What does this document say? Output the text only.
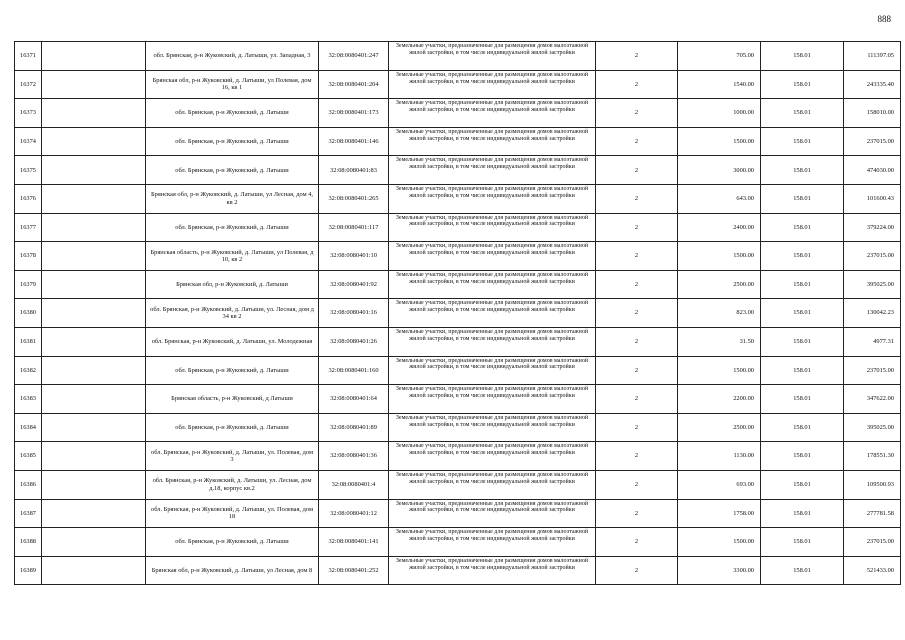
888
16371		обл. Брянская, р-н Жуковский, д. Латыши, ул. Западная, 3	32:08:0080401:247	Земельные участки, предназначенные для размещения домов малоэтажной жилой застройки, в том числе индивидуальной жилой застройки	2	705.00	158.01	111397.05
16372		Брянская обл, р-н Жуковский, д. Латыши, ул Полевая, дом 16, кв 1	32:08:0080401:204	Земельные участки, предназначенные для размещения домов малоэтажной жилой застройки, в том числе индивидуальной жилой застройки	2	1540.00	158.01	243335.40
16373		обл. Брянская, р-н Жуковский, д. Латыши	32:08:0080401:173	Земельные участки, предназначенные для размещения домов малоэтажной жилой застройки, в том числе индивидуальной жилой застройки	2	1000.00	158.01	158010.00
16374		обл. Брянская, р-н Жуковский, д. Латыши	32:08:0080401:146	Земельные участки, предназначенные для размещения домов малоэтажной жилой застройки, в том числе индивидуальной жилой застройки	2	1500.00	158.01	237015.00
16375		обл. Брянская, р-н Жуковский, д. Латыши	32:08:0080401:83	Земельные участки, предназначенные для размещения домов малоэтажной жилой застройки, в том числе индивидуальной жилой застройки	2	3000.00	158.01	474030.00
16376		Брянская обл, р-н Жуковский, д. Латыши, ул Лесная, дом 4, кв 2	32:08:0080401:265	Земельные участки, предназначенные для размещения домов малоэтажной жилой застройки, в том числе индивидуальной жилой застройки	2	643.00	158.01	101600.43
16377		обл. Брянская, р-н Жуковский, д. Латыши	32:08:0080401:117	Земельные участки, предназначенные для размещения домов малоэтажной жилой застройки, в том числе индивидуальной жилой застройки	2	2400.00	158.01	379224.00
16378		Брянская область, р-н Жуковский, д. Латыши, ул Полевая, д 10, кв 2	32:08:0080401:10	Земельные участки, предназначенные для размещения домов малоэтажной жилой застройки, в том числе индивидуальной жилой застройки	2	1500.00	158.01	237015.00
16379		Брянская обл, р-н Жуковский, д. Латыши	32:08:0080401:92	Земельные участки, предназначенные для размещения домов малоэтажной жилой застройки, в том числе индивидуальной жилой застройки	2	2500.00	158.01	395025.00
16380		обл. Брянская, р-н Жуковский, д. Латыши, ул. Лесная, дом д 34 кв 2	32:08:0080401:16	Земельные участки, предназначенные для размещения домов малоэтажной жилой застройки, в том числе индивидуальной жилой застройки	2	823.00	158.01	130042.23
16381		обл. Брянская, р-н Жуковский, д. Латыши, ул. Молодежная	32:08:0080401:26	Земельные участки, предназначенные для размещения домов малоэтажной жилой застройки, в том числе индивидуальной жилой застройки	2	31.50	158.01	4977.31
16382		обл. Брянская, р-н Жуковский, д. Латыши	32:08:0080401:160	Земельные участки, предназначенные для размещения домов малоэтажной жилой застройки, в том числе индивидуальной жилой застройки	2	1500.00	158.01	237015.00
16383		Брянская область, р-н Жуковский, д Латыши	32:08:0080401:64	Земельные участки, предназначенные для размещения домов малоэтажной жилой застройки, в том числе индивидуальной жилой застройки	2	2200.00	158.01	347622.00
16384		обл. Брянская, р-н Жуковский, д. Латыши	32:08:0080401:89	Земельные участки, предназначенные для размещения домов малоэтажной жилой застройки, в том числе индивидуальной жилой застройки	2	2500.00	158.01	395025.00
16385		обл. Брянская, р-н Жуковский, д. Латыши, ул. Полевая, дом 3	32:08:0080401:36	Земельные участки, предназначенные для размещения домов малоэтажной жилой застройки, в том числе индивидуальной жилой застройки	2	1130.00	158.01	178551.30
16386		обл. Брянская, р-н Жуковский, д. Латыши, ул. Лесная, дом д.18, корпус кв.2	32:08:0080401:4	Земельные участки, предназначенные для размещения домов малоэтажной жилой застройки, в том числе индивидуальной жилой застройки	2	693.00	158.01	109500.93
16387		обл. Брянская, р-н Жуковский, д. Латыши, ул. Полевая, дом 18	32:08:0080401:12	Земельные участки, предназначенные для размещения домов малоэтажной жилой застройки, в том числе индивидуальной жилой застройки	2	1758.00	158.01	277781.58
16388		обл. Брянская, р-н Жуковский, д. Латыши	32:08:0080401:141	Земельные участки, предназначенные для размещения домов малоэтажной жилой застройки, в том числе индивидуальной жилой застройки	2	1500.00	158.01	237015.00
16389		Брянская обл, р-н Жуковский, д. Латыши, ул Лесная, дом 8	32:08:0080401:252	Земельные участки, предназначенные для размещения домов малоэтажной жилой застройки, в том числе индивидуальной жилой застройки	2	3300.00	158.01	521433.00
